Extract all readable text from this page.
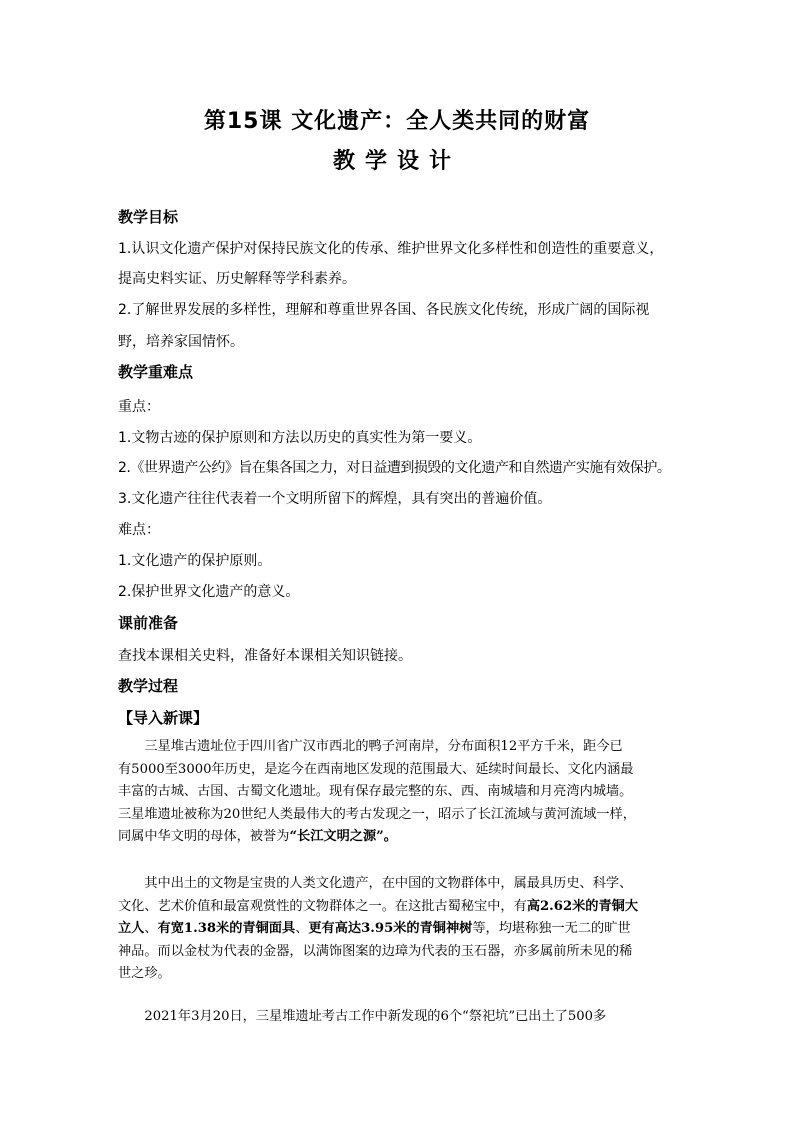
第15课 文化遗产：全人类共同的财富
教学设计
教学目标
1.认识文化遗产保护对保持民族文化的传承、维护世界文化多样性和创造性的重要意义，
提高史料实证、历史解释等学科素养。
2.了解世界发展的多样性，理解和尊重世界各国、各民族文化传统，形成广阔的国际视
野，培养家国情怀。
教学重难点
重点：
1.文物古迹的保护原则和方法以历史的真实性为第一要义。
2.《世界遗产公约》旨在集各国之力，对日益遭到损毁的文化遗产和自然遗产实施有效保护。
3.文化遗产往往代表着一个文明所留下的辉煌，具有突出的普遍价值。
难点：
1.文化遗产的保护原则。
2.保护世界文化遗产的意义。
课前准备
查找本课相关史料，准备好本课相关知识链接。
教学过程
【导入新课】
　　三星堆古遗址位于四川省广汉市西北的鸭子河南岸，分布面积12平方千米，距今已
有5000至3000年历史，是迄今在西南地区发现的范围最大、延续时间最长、文化内涵最
丰富的古城、古国、古蜀文化遗址。现有保存最完整的东、西、南城墙和月亮湾内城墙。
三星堆遗址被称为20世纪人类最伟大的考古发现之一，昭示了长江流域与黄河流域一样，
同属中华文明的母体，被誉为“长江文明之源”。
　　其中出土的文物是宝贵的人类文化遗产，在中国的文物群体中，属最具历史、科学、
文化、艺术价值和最富观赏性的文物群体之一。在这批古蜀秘宝中，有高2.62米的青铜大
立人、有宽1.38米的青铜面具、更有高达3.95米的青铜神树等，均堪称独一无二的旷世
神品。而以金杖为代表的金器，以满饰图案的边璋为代表的玉石器，亦多属前所未见的稀
世之珍。
　　2021年3月20日，三星堆遗址考古工作中新发现的6个“祭祀坑”已出土了500多
